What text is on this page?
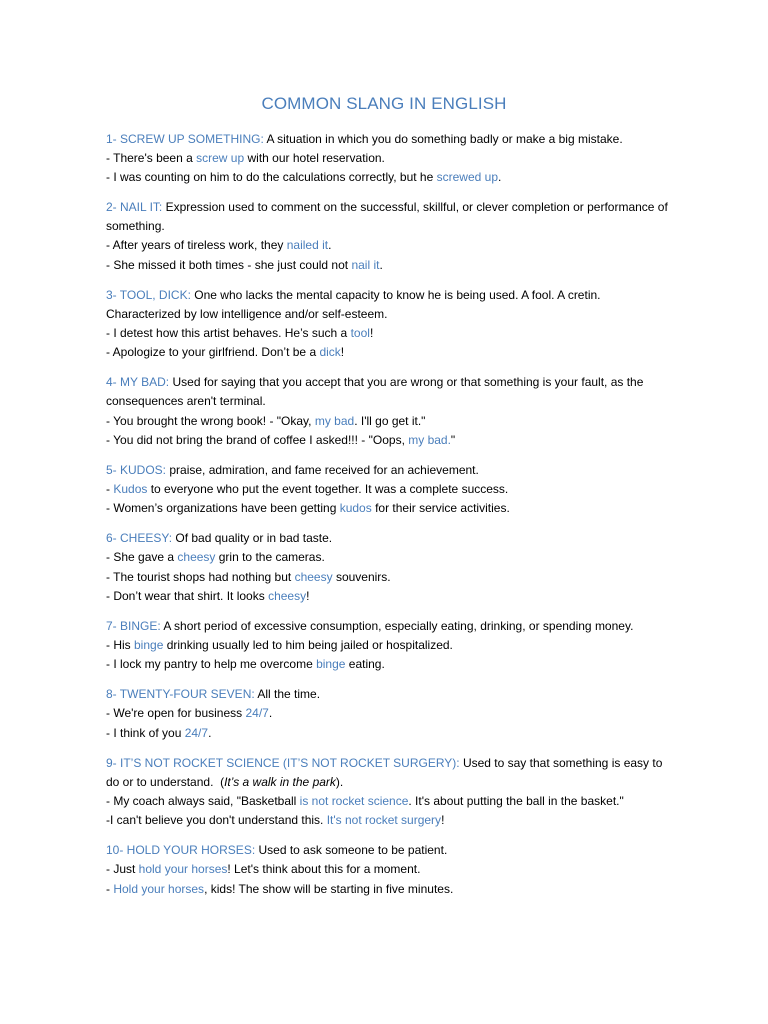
COMMON SLANG IN ENGLISH

1- SCREW UP SOMETHING: A situation in which you do something badly or make a big mistake.

- There's been a screw up with our hotel reservation.

- I was counting on him to do the calculations correctly, but he screwed up.

2- NAIL IT: Expression used to comment on the successful, skillful, or clever completion or performance of something.

- After years of tireless work, they nailed it.

- She missed it both times - she just could not nail it.

3- TOOL, DICK: One who lacks the mental capacity to know he is being used. A fool. A cretin. Characterized by low intelligence and/or self-esteem.

- I detest how this artist behaves. He’s such a tool!

- Apologize to your girlfriend. Don’t be a dick!

4- MY BAD: Used for saying that you accept that you are wrong or that something is your fault, as the consequences aren't terminal.

- You brought the wrong book! - "Okay, my bad. I'll go get it."

- You did not bring the brand of coffee I asked!!! - "Oops, my bad."

5- KUDOS: praise, admiration, and fame received for an achievement.

- Kudos to everyone who put the event together. It was a complete success.

- Women’s organizations have been getting kudos for their service activities.

6- CHEESY: Of bad quality or in bad taste.

- She gave a cheesy grin to the cameras.

- The tourist shops had nothing but cheesy souvenirs.

- Don’t wear that shirt. It looks cheesy!

7- BINGE: A short period of excessive consumption, especially eating, drinking, or spending money.

- His binge drinking usually led to him being jailed or hospitalized.

- I lock my pantry to help me overcome binge eating.

8- TWENTY-FOUR SEVEN: All the time.

- We're open for business 24/7.

- I think of you 24/7.

9- IT’S NOT ROCKET SCIENCE (IT’S NOT ROCKET SURGERY): Used to say that something is easy to do or to understand.  (It’s a walk in the park).

- My coach always said, "Basketball is not rocket science. It's about putting the ball in the basket."

-I can't believe you don't understand this. It's not rocket surgery!

10- HOLD YOUR HORSES: Used to ask someone to be patient.

- Just hold your horses! Let's think about this for a moment.

- Hold your horses, kids! The show will be starting in five minutes.
